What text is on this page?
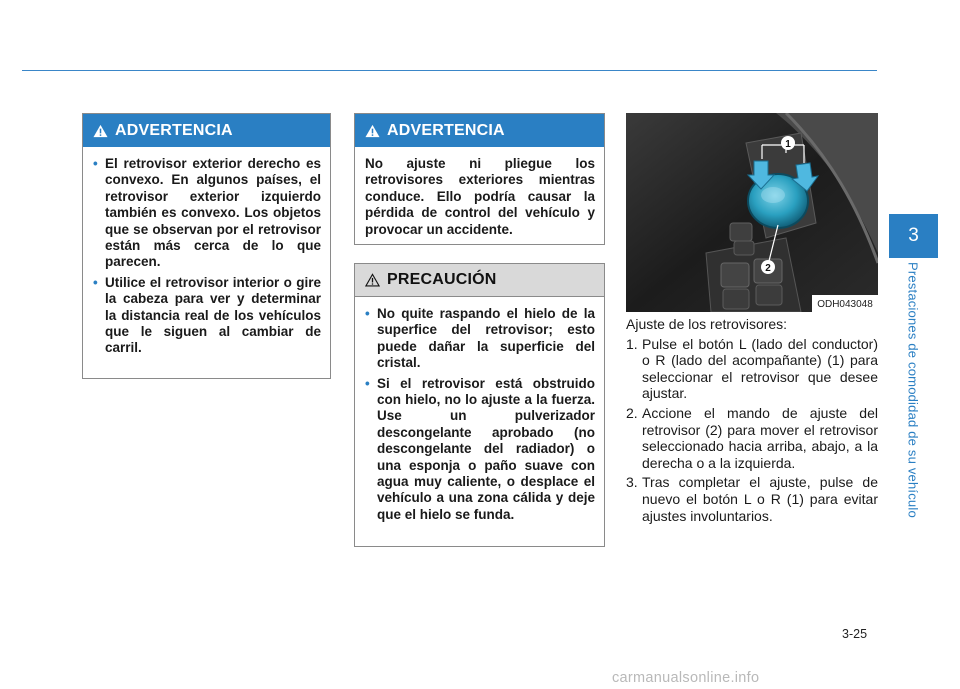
ADVERTENCIA
• El retrovisor exterior derecho es convexo. En algunos países, el retrovisor exterior izquierdo también es convexo. Los objetos que se observan por el retrovisor están más cerca de lo que parecen.
• Utilice el retrovisor interior o gire la cabeza para ver y determinar la distancia real de los vehículos que le siguen al cambiar de carril.
ADVERTENCIA

No ajuste ni pliegue los retrovisores exteriores mientras conduce. Ello podría causar la pérdida de control del vehículo y provocar un accidente.

PRECAUCIÓN
• No quite raspando el hielo de la superfice del retrovisor; esto puede dañar la superficie del cristal.
• Si el retrovisor está obstruido con hielo, no lo ajuste a la fuerza. Use un pulverizador descongelante aprobado (no descongelante del radiador) o una esponja o paño suave con agua muy caliente, o desplace el vehículo a una zona cálida y deje que el hielo se funda.
1
2
ODH043048

Ajuste de los retrovisores:

1. Pulse el botón L (lado del conductor) o R (lado del acompañante) (1) para seleccionar el retrovisor que desee ajustar.
2. Accione el mando de ajuste del retrovisor (2) para mover el retrovisor seleccionado hacia arriba, abajo, a la derecha o a la izquierda.
3. Tras completar el ajuste, pulse de nuevo el botón L o R (1) para evitar ajustes involuntarios.
3
Prestaciones de comodidad de su vehículo
3-25
carmanualsonline.info
